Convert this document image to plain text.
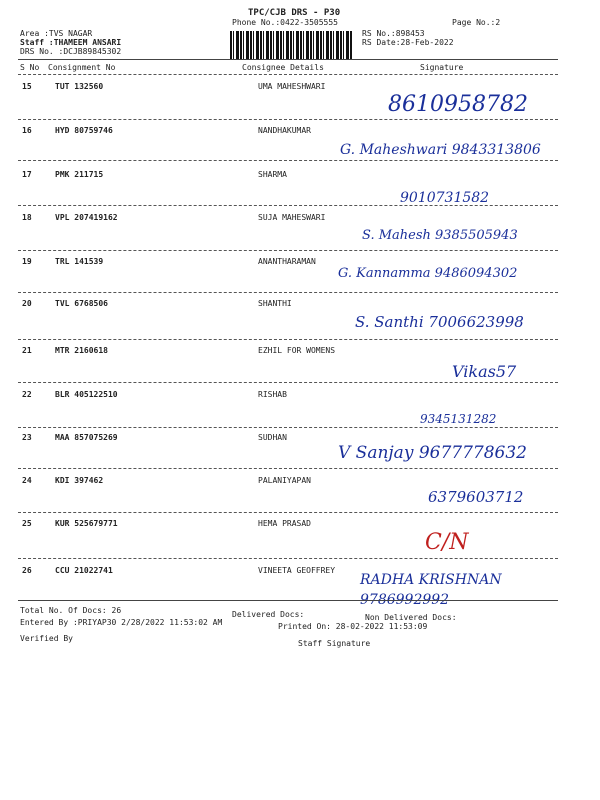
TPC/CJB DRS - P30
Phone No.:0422-3505555
Area :TVS NAGAR
Staff :THAMEEM ANSARI
DRS No. :DCJB89845302
RS No.:898453
RS Date:28-Feb-2022
Page No.:2
S No Consignment No	Consignee Details	Signature
15	TUT 132560	UMA MAHESHWARI
8610958782
16	HYD 80759746	NANDHAKUMAR
G. Maheshwari 9843313806
17	PMK 211715	SHARMA
9010731582
18	VPL 207419162	SUJA MAHESWARI
S. Mahesh 9385505943
19	TRL 141539	ANANTHARAMAN
G. Kannamma 9486094302
20	TVL 6768506	SHANTHI
S. Santhi 7006623998
21	MTR 2160618	EZHIL FOR WOMENS
Vikas57
22	BLR 405122510	RISHAB
9345131282
23	MAA 857075269	SUDHAN
V Sanjay 9677778632
24	KDI 397462	PALANIYAPAN
6379603712
25	KUR 525679771	HEMA PRASAD
C/N
26	CCU 21022741	VINEETA GEOFFREY
RADHA KRISHNAN 9786992992
Total No. Of Docs: 26	Delivered Docs:	Non Delivered Docs:
Entered By :PRIYAP30 2/28/2022 11:53:02 AM	Printed On: 28-02-2022 11:53:09
Verified By
Staff Signature
